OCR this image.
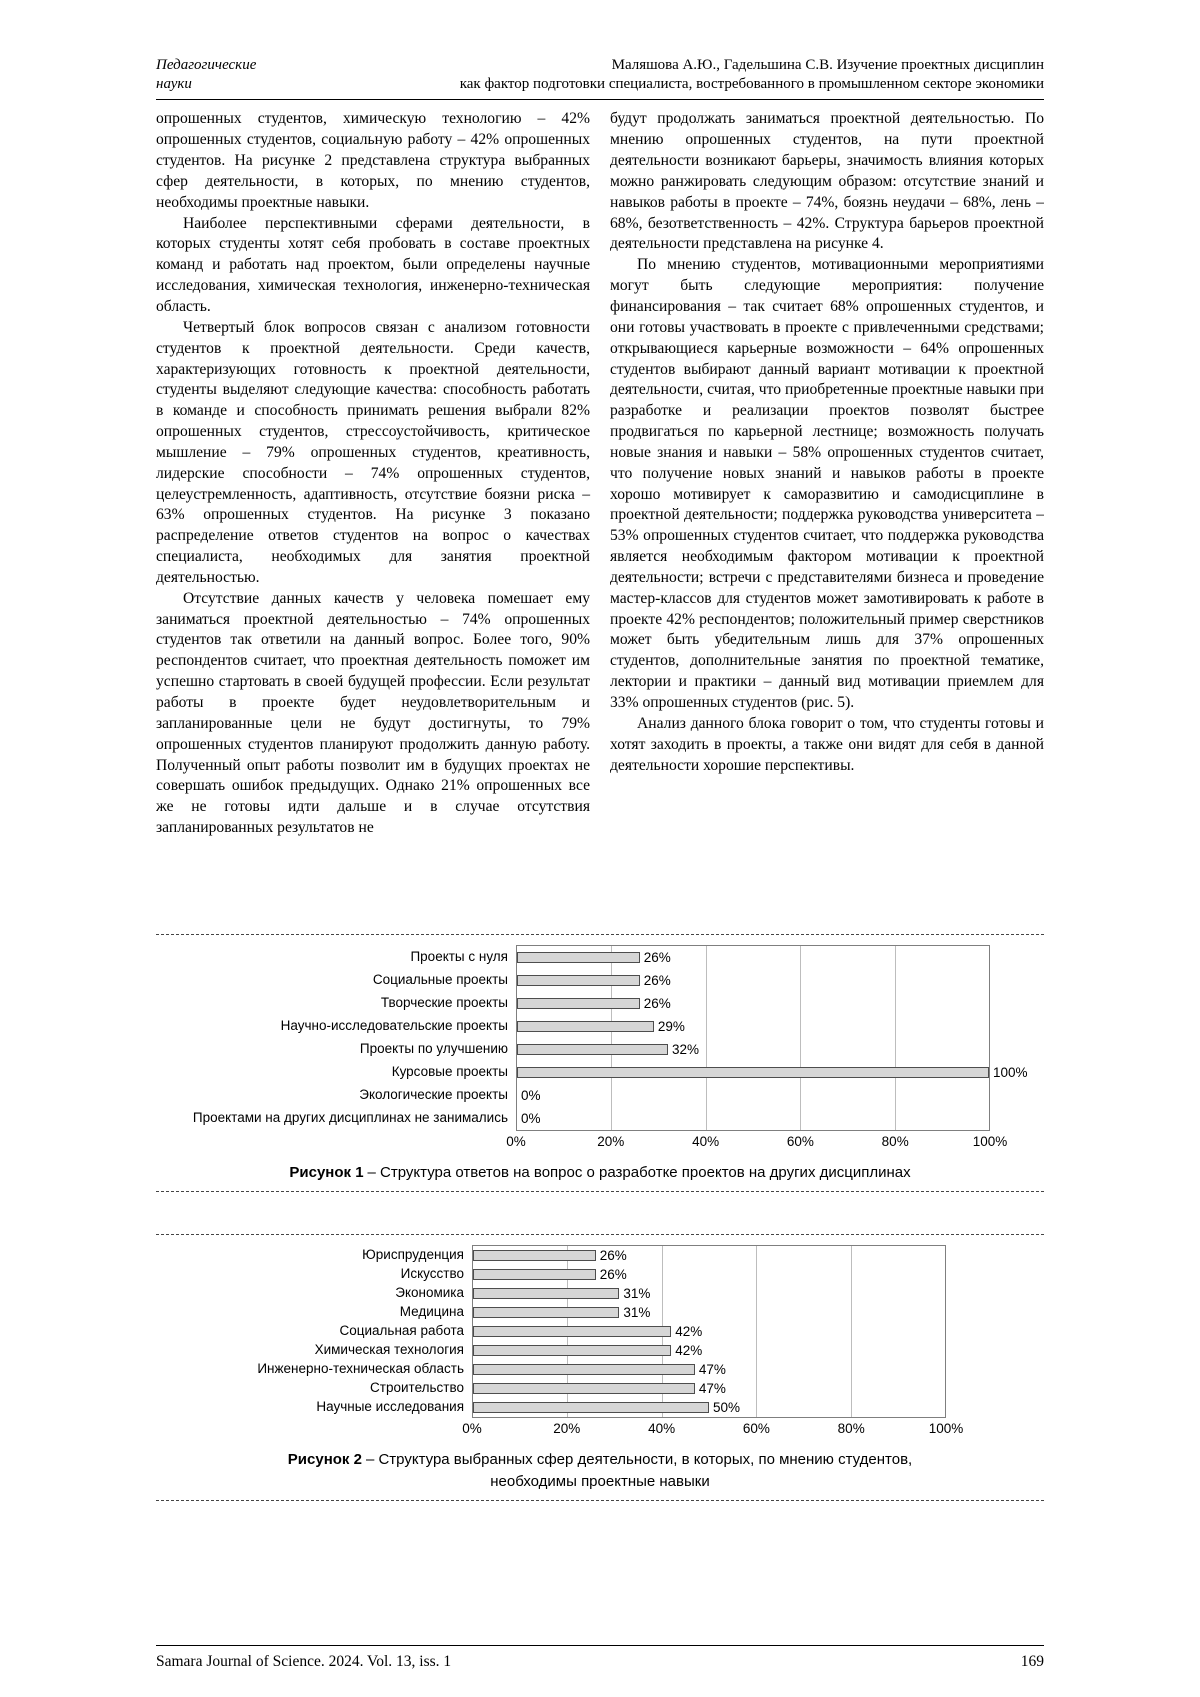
Педагогические
науки
Маляшова А.Ю., Гадельшина С.В. Изучение проектных дисциплин
как фактор подготовки специалиста, востребованного в промышленном секторе экономики

опрошенных студентов, химическую технологию – 42% опрошенных студентов, социальную работу – 42% опрошенных студентов. На рисунке 2 представлена структура выбранных сфер деятельности, в которых, по мнению студентов, необходимы проектные навыки.

Наиболее перспективными сферами деятельности, в которых студенты хотят себя пробовать в составе проектных команд и работать над проектом, были определены научные исследования, химическая технология, инженерно-техническая область.

Четвертый блок вопросов связан с анализом готовности студентов к проектной деятельности. Среди качеств, характеризующих готовность к проектной деятельности, студенты выделяют следующие качества: способность работать в команде и способность принимать решения выбрали 82% опрошенных студентов, стрессоустойчивость, критическое мышление – 79% опрошенных студентов, креативность, лидерские способности – 74% опрошенных студентов, целеустремленность, адаптивность, отсутствие боязни риска – 63% опрошенных студентов. На рисунке 3 показано распределение ответов студентов на вопрос о качествах специалиста, необходимых для занятия проектной деятельностью.

Отсутствие данных качеств у человека помешает ему заниматься проектной деятельностью – 74% опрошенных студентов так ответили на данный вопрос. Более того, 90% респондентов считает, что проектная деятельность поможет им успешно стартовать в своей будущей профессии. Если результат работы в проекте будет неудовлетворительным и запланированные цели не будут достигнуты, то 79% опрошенных студентов планируют продолжить данную работу. Полученный опыт работы позволит им в будущих проектах не совершать ошибок предыдущих. Однако 21% опрошенных все же не готовы идти дальше и в случае отсутствия запланированных результатов не

будут продолжать заниматься проектной деятельностью. По мнению опрошенных студентов, на пути проектной деятельности возникают барьеры, значимость влияния которых можно ранжировать следующим образом: отсутствие знаний и навыков работы в проекте – 74%, боязнь неудачи – 68%, лень – 68%, безответственность – 42%. Структура барьеров проектной деятельности представлена на рисунке 4.

По мнению студентов, мотивационными мероприятиями могут быть следующие мероприятия: получение финансирования – так считает 68% опрошенных студентов, и они готовы участвовать в проекте с привлеченными средствами; открывающиеся карьерные возможности – 64% опрошенных студентов выбирают данный вариант мотивации к проектной деятельности, считая, что приобретенные проектные навыки при разработке и реализации проектов позволят быстрее продвигаться по карьерной лестнице; возможность получать новые знания и навыки – 58% опрошенных студентов считает, что получение новых знаний и навыков работы в проекте хорошо мотивирует к саморазвитию и самодисциплине в проектной деятельности; поддержка руководства университета – 53% опрошенных студентов считает, что поддержка руководства является необходимым фактором мотивации к проектной деятельности; встречи с представителями бизнеса и проведение мастер-классов для студентов может замотивировать к работе в проекте 42% респондентов; положительный пример сверстников может быть убедительным лишь для 37% опрошенных студентов, дополнительные занятия по проектной тематике, лектории и практики – данный вид мотивации приемлем для 33% опрошенных студентов (рис. 5).

Анализ данного блока говорит о том, что студенты готовы и хотят заходить в проекты, а также они видят для себя в данной деятельности хорошие перспективы.

Проекты с нуля
Социальные проекты
Творческие проекты
Научно-исследовательские проекты
Проекты по улучшению
Курсовые проекты
Экологические проекты
Проектами на других дисциплинах не занимались
26%
26%
26%
29%
32%
100%
0%
0%
0%	20%	40%	60%	80%	100%
Рисунок 1 – Структура ответов на вопрос о разработке проектов на других дисциплинах
Юриспруденция
Искусство
Экономика
Медицина
Социальная работа
Химическая технология
Инженерно-техническая область
Строительство
Научные исследования
26%
26%
31%
31%
42%
42%
47%
47%
50%
0%	20%	40%	60%	80%	100%
Рисунок 2 – Структура выбранных сфер деятельности, в которых, по мнению студентов,
необходимы проектные навыки
Samara Journal of Science. 2024. Vol. 13, iss. 1	169
